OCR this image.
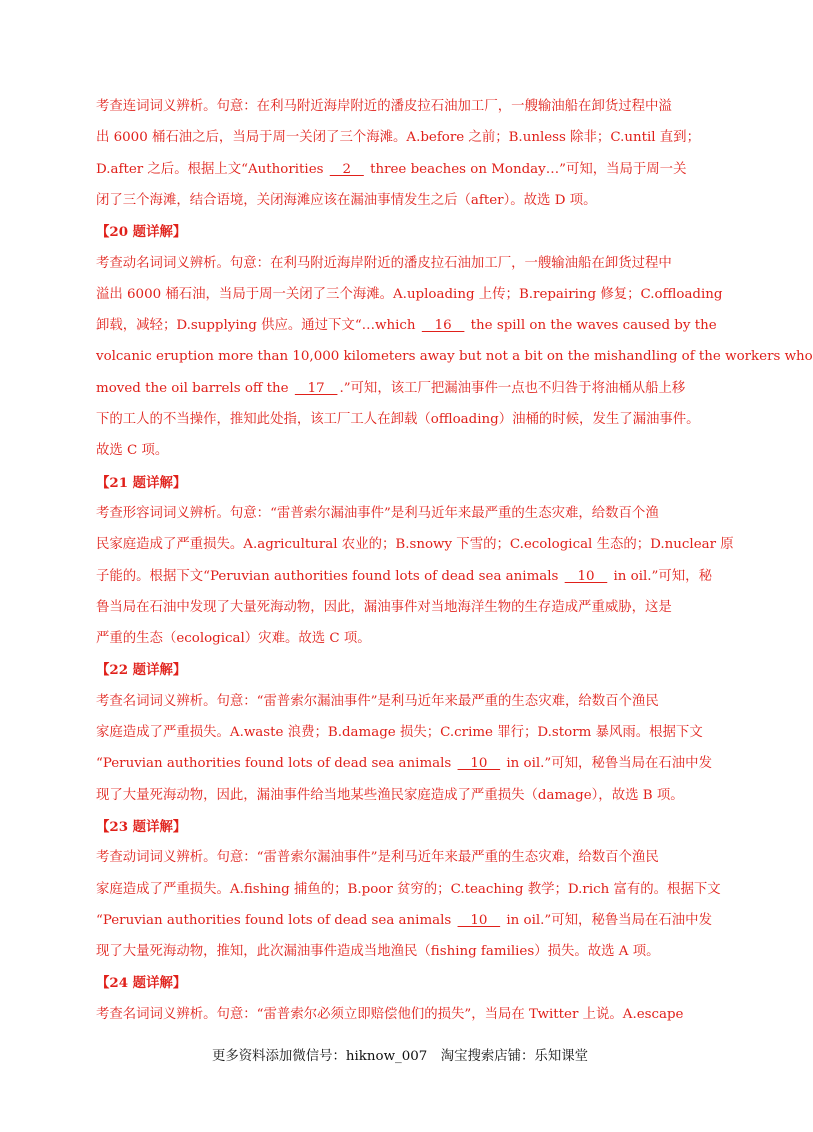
考查连词词义辨析。句意：在利马附近海岸附近的潘皮拉石油加工厂，一艘输油船在卸货过程中溢
出 6000 桶石油之后，当局于周一关闭了三个海滩。A.before 之前；B.unless 除非；C.until 直到；
D.after 之后。根据上文“Authorities    2    three beaches on Monday…”可知，当局于周一关
闭了三个海滩，结合语境，关闭海滩应该在漏油事情发生之后（after）。故选 D 项。
【20 题详解】
考查动名词词义辨析。句意：在利马附近海岸附近的潘皮拉石油加工厂，一艘输油船在卸货过程中
溢出 6000 桶石油，当局于周一关闭了三个海滩。A.uploading 上传；B.repairing 修复；C.offloading
卸载，减轻；D.supplying 供应。通过下文“…which    16    the spill on the waves caused by the
volcanic eruption more than 10,000 kilometers away but not a bit on the mishandling of the workers who
moved the oil barrels off the    17   .”可知，该工厂把漏油事件一点也不归咎于将油桶从船上移
下的工人的不当操作，推知此处指，该工厂工人在卸载（offloading）油桶的时候，发生了漏油事件。
故选 C 项。
【21 题详解】
考查形容词词义辨析。句意：“雷普索尔漏油事件”是利马近年来最严重的生态灾难，给数百个渔
民家庭造成了严重损失。A.agricultural 农业的；B.snowy 下雪的；C.ecological 生态的；D.nuclear 原
子能的。根据下文“Peruvian authorities found lots of dead sea animals    10    in oil.”可知，秘
鲁当局在石油中发现了大量死海动物，因此，漏油事件对当地海洋生物的生存造成严重威胁，这是
严重的生态（ecological）灾难。故选 C 项。
【22 题详解】
考查名词词义辨析。句意：“雷普索尔漏油事件”是利马近年来最严重的生态灾难，给数百个渔民
家庭造成了严重损失。A.waste 浪费；B.damage 损失；C.crime 罪行；D.storm 暴风雨。根据下文
“Peruvian authorities found lots of dead sea animals    10    in oil.”可知，秘鲁当局在石油中发
现了大量死海动物，因此，漏油事件给当地某些渔民家庭造成了严重损失（damage），故选 B 项。
【23 题详解】
考查动词词义辨析。句意：“雷普索尔漏油事件”是利马近年来最严重的生态灾难，给数百个渔民
家庭造成了严重损失。A.fishing 捕鱼的；B.poor 贫穷的；C.teaching 教学；D.rich 富有的。根据下文
“Peruvian authorities found lots of dead sea animals    10    in oil.”可知，秘鲁当局在石油中发
现了大量死海动物，推知，此次漏油事件造成当地渔民（fishing families）损失。故选 A 项。
【24 题详解】
考查名词词义辨析。句意：“雷普索尔必须立即赔偿他们的损失”，当局在 Twitter 上说。A.escape
更多资料添加微信号：hiknow_007　淘宝搜索店铺：乐知课堂
